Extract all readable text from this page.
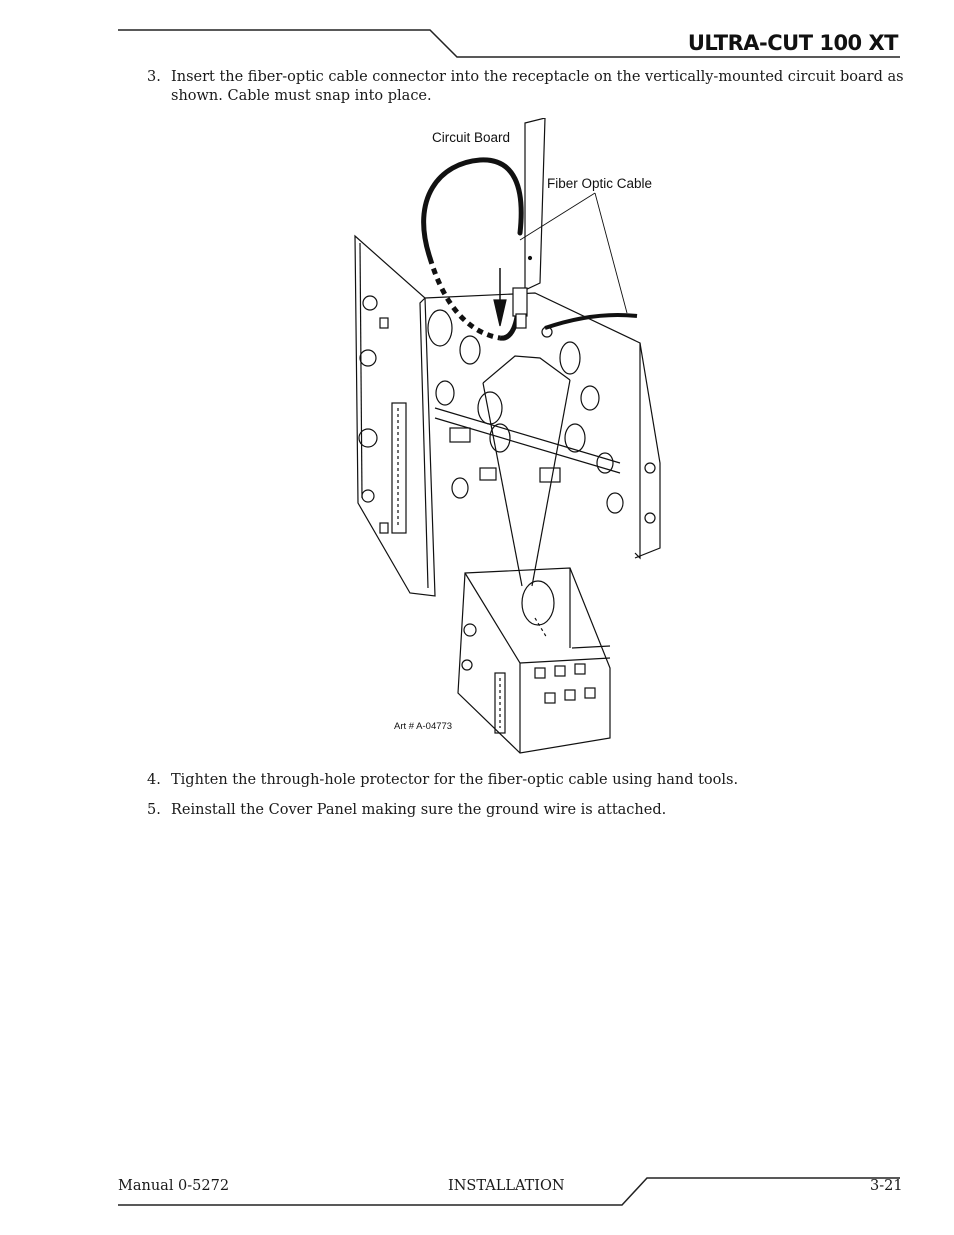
ULTRA-CUT 100 XT
3. Insert the fiber-optic cable connector into the receptacle on the vertically-mounted circuit board as shown. Cable must snap into place.
Circuit Board
Fiber Optic Cable
Art # A-04773
4. Tighten the through-hole protector for the fiber-optic cable using hand tools.
5. Reinstall the Cover Panel making sure the ground wire is attached.
Manual 0-5272	INSTALLATION	3-21
